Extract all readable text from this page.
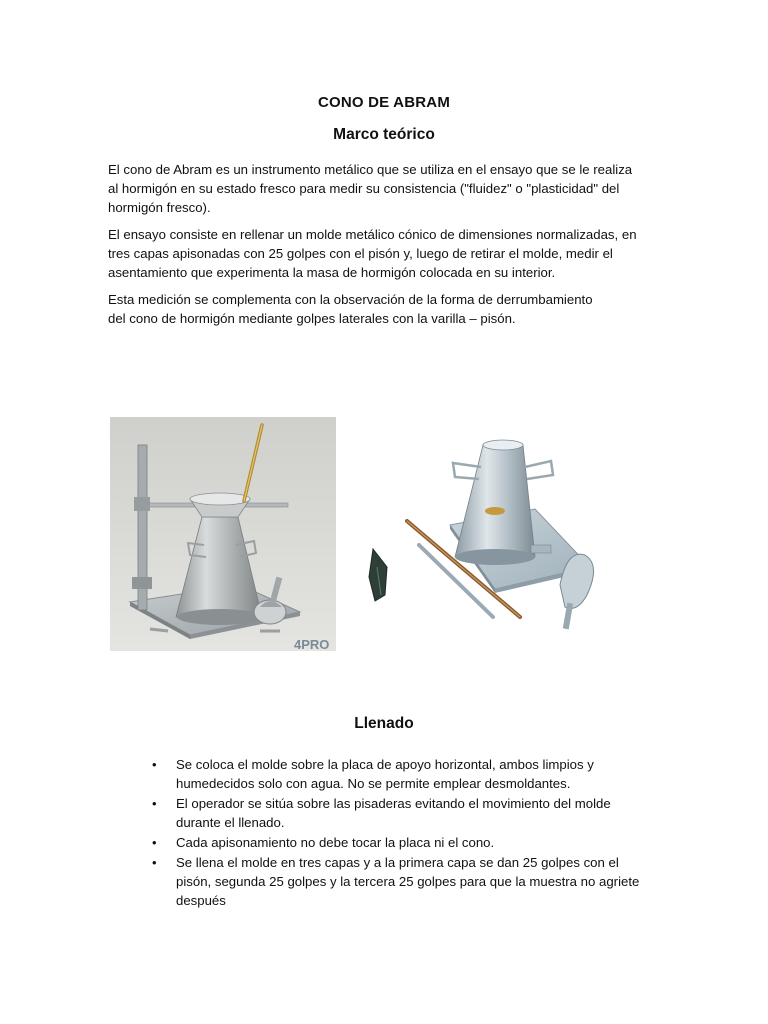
CONO DE ABRAM
Marco teórico

El cono de Abram es un instrumento metálico que se utiliza en el ensayo que se le realiza
al hormigón en su estado fresco para medir su consistencia ("fluidez" o "plasticidad" del
hormigón fresco).

El ensayo consiste en rellenar un molde metálico cónico de dimensiones normalizadas, en
tres capas apisonadas con 25 golpes con el pisón y, luego de retirar el molde, medir el
asentamiento que experimenta la masa de hormigón colocada en su interior.

Esta medición se complementa con la observación de la forma de derrumbamiento
del cono de hormigón mediante golpes laterales con la varilla – pisón.

4PRO
Llenado
• Se coloca el molde sobre la placa de apoyo horizontal, ambos limpios y
humedecidos solo con agua. No se permite emplear desmoldantes.
• El operador se sitúa sobre las pisaderas evitando el movimiento del molde
durante el llenado.
• Cada apisonamiento no debe tocar la placa ni el cono.
• Se llena el molde en tres capas y a la primera capa se dan 25 golpes con el
pisón, segunda 25 golpes y la tercera 25 golpes para que la muestra no agriete
después
